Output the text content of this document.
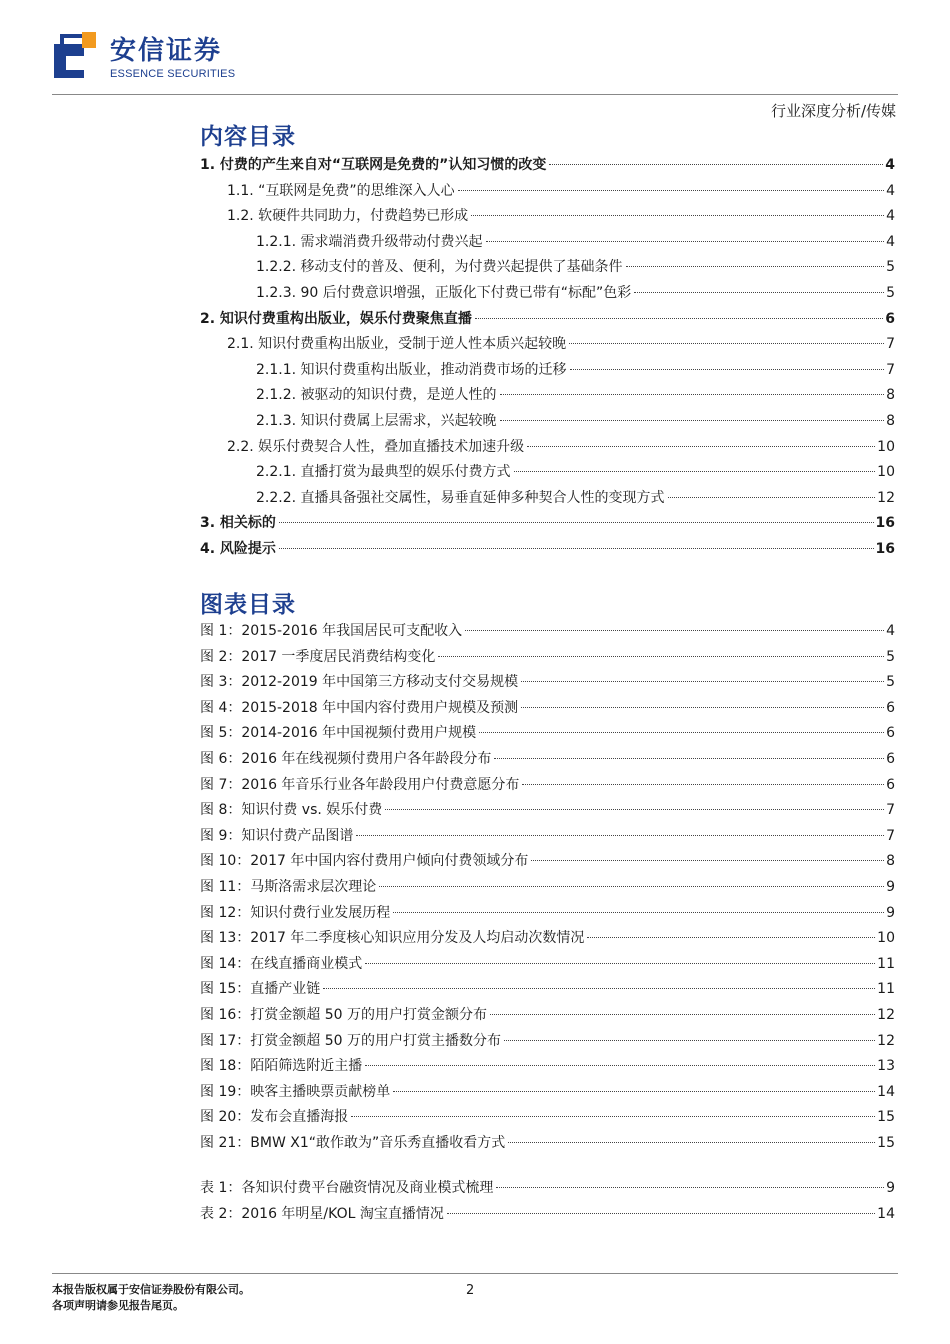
安信证券
ESSENCE SECURITIES
行业深度分析/传媒
内容目录
1. 付费的产生来自对“互联网是免费的”认知习惯的改变	4
1.1. “互联网是免费”的思维深入人心	4
1.2. 软硬件共同助力，付费趋势已形成	4
1.2.1. 需求端消费升级带动付费兴起	4
1.2.2. 移动支付的普及、便利，为付费兴起提供了基础条件	5
1.2.3. 90 后付费意识增强，正版化下付费已带有“标配”色彩	5
2. 知识付费重构出版业，娱乐付费聚焦直播	6
2.1. 知识付费重构出版业，受制于逆人性本质兴起较晚	7
2.1.1. 知识付费重构出版业，推动消费市场的迁移	7
2.1.2. 被驱动的知识付费，是逆人性的	8
2.1.3. 知识付费属上层需求，兴起较晚	8
2.2. 娱乐付费契合人性，叠加直播技术加速升级	10
2.2.1. 直播打赏为最典型的娱乐付费方式	10
2.2.2. 直播具备强社交属性，易垂直延伸多种契合人性的变现方式	12
3. 相关标的	16
4. 风险提示	16
图表目录
图 1：2015-2016 年我国居民可支配收入	4
图 2：2017 一季度居民消费结构变化	5
图 3：2012-2019 年中国第三方移动支付交易规模	5
图 4：2015-2018 年中国内容付费用户规模及预测	6
图 5：2014-2016 年中国视频付费用户规模	6
图 6：2016 年在线视频付费用户各年龄段分布	6
图 7：2016 年音乐行业各年龄段用户付费意愿分布	6
图 8：知识付费 vs. 娱乐付费	7
图 9：知识付费产品图谱	7
图 10：2017 年中国内容付费用户倾向付费领域分布	8
图 11：马斯洛需求层次理论	9
图 12：知识付费行业发展历程	9
图 13：2017 年二季度核心知识应用分发及人均启动次数情况	10
图 14：在线直播商业模式	11
图 15：直播产业链	11
图 16：打赏金额超 50 万的用户打赏金额分布	12
图 17：打赏金额超 50 万的用户打赏主播数分布	12
图 18：陌陌筛选附近主播	13
图 19：映客主播映票贡献榜单	14
图 20：发布会直播海报	15
图 21：BMW X1“敢作敢为”音乐秀直播收看方式	15
表 1：各知识付费平台融资情况及商业模式梳理	9
表 2：2016 年明星/KOL 淘宝直播情况	14
本报告版权属于安信证券股份有限公司。
各项声明请参见报告尾页。
2
